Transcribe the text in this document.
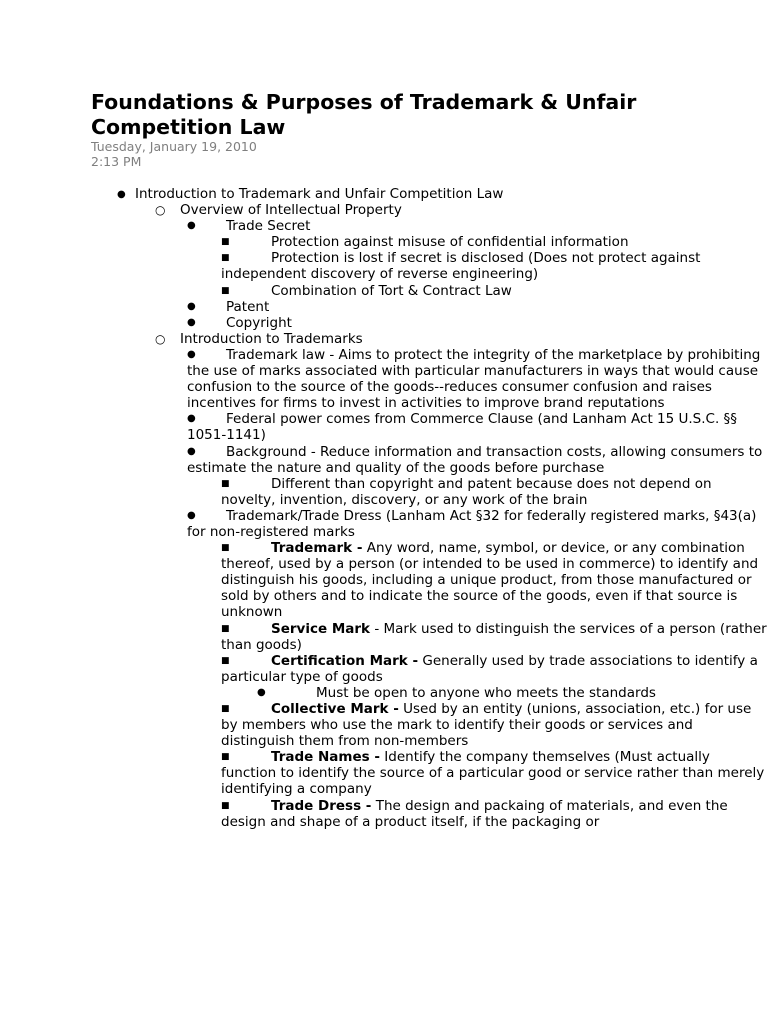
Foundations & Purposes of Trademark & Unfair Competition Law
Tuesday, January 19, 2010
2:13 PM

● Introduction to Trademark and Unfair Competition Law

○ Overview of Intellectual Property

● Trade Secret

■	Protection against misuse of confidential information

■	Protection is lost if secret is disclosed (Does not protect against independent discovery of reverse engineering)

■	Combination of Tort & Contract Law

● Patent

● Copyright

○ Introduction to Trademarks

● Trademark law - Aims to protect the integrity of the marketplace by prohibiting the use of marks associated with particular manufacturers in ways that would cause confusion to the source of the goods--reduces consumer confusion and raises incentives for firms to invest in activities to improve brand reputations

● Federal power comes from Commerce Clause (and Lanham Act 15 U.S.C. §§ 1051-1141)

● Background - Reduce information and transaction costs, allowing consumers to estimate the nature and quality of the goods before purchase

■	Different than copyright and patent because does not depend on novelty, invention, discovery, or any work of the brain

● Trademark/Trade Dress (Lanham Act §32 for federally registered marks, §43(a) for non-registered marks

■	Trademark - Any word, name, symbol, or device, or any combination thereof, used by a person (or intended to be used in commerce) to identify and distinguish his goods, including a unique product, from those manufactured or sold by others and to indicate the source of the goods, even if that source is unknown

■	Service Mark - Mark used to distinguish the services of a person (rather than goods)

■	Certification Mark - Generally used by trade associations to identify a particular type of goods

●	Must be open to anyone who meets the standards

■	Collective Mark - Used by an entity (unions, association, etc.) for use by members who use the mark to identify their goods or services and distinguish them from non-members

■	Trade Names - Identify the company themselves (Must actually function to identify the source of a particular good or service rather than merely identifying a company

■	Trade Dress - The design and packaing of materials, and even the design and shape of a product itself, if the packaging or
